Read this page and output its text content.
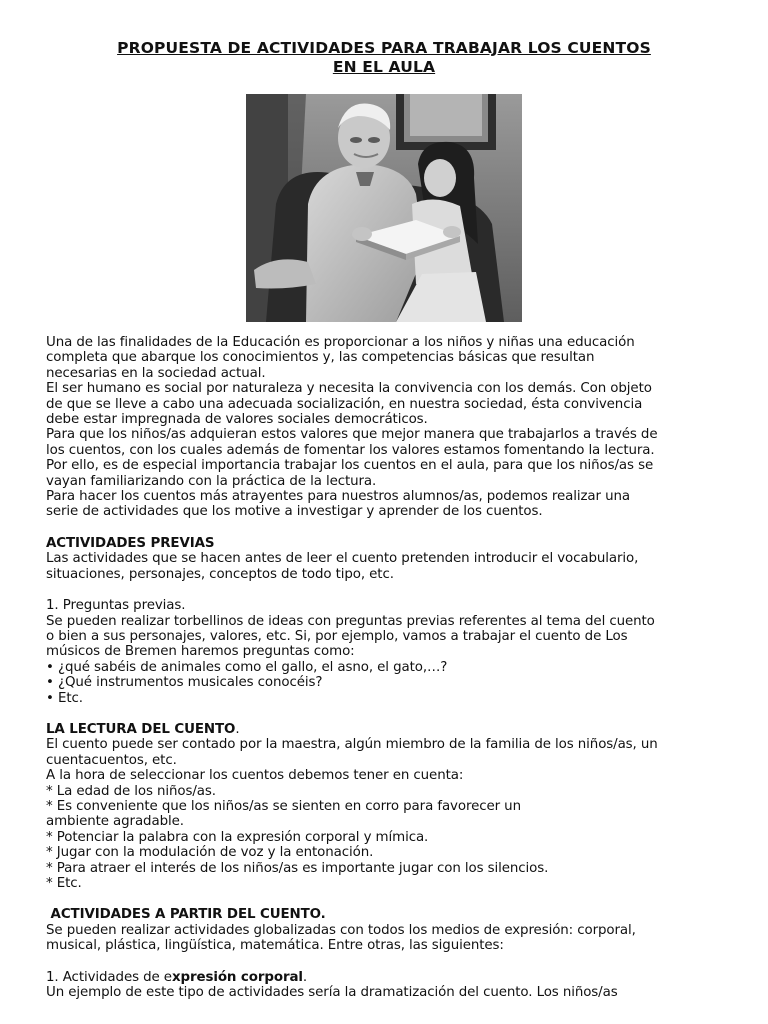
PROPUESTA DE ACTIVIDADES PARA TRABAJAR LOS CUENTOS
EN EL AULA

Una de las finalidades de la Educación es proporcionar a los niños y niñas una educación

completa que abarque los conocimientos y, las competencias básicas que resultan

necesarias en la sociedad actual.

El ser humano es social por naturaleza y necesita la convivencia con los demás. Con objeto

de que se lleve a cabo una adecuada socialización, en nuestra sociedad, ésta convivencia

debe estar impregnada de valores sociales democráticos.

Para que los niños/as adquieran estos valores que mejor manera que trabajarlos a través de

los cuentos, con los cuales además de fomentar los valores estamos fomentando la lectura.

Por ello, es de especial importancia trabajar los cuentos en el aula, para que los niños/as se

vayan familiarizando con la práctica de la lectura.

Para hacer los cuentos más atrayentes para nuestros alumnos/as, podemos realizar una

serie de actividades que los motive a investigar y aprender de los cuentos.

ACTIVIDADES PREVIAS

Las actividades que se hacen antes de leer el cuento pretenden introducir el vocabulario,

situaciones, personajes, conceptos de todo tipo, etc.

1. Preguntas previas.

Se pueden realizar torbellinos de ideas con preguntas previas referentes al tema del cuento

o bien a sus personajes, valores, etc. Si, por ejemplo, vamos a trabajar el cuento de Los

músicos de Bremen haremos preguntas como:

• ¿qué sabéis de animales como el gallo, el asno, el gato,…?

• ¿Qué instrumentos musicales conocéis?

• Etc.

LA LECTURA DEL CUENTO.

El cuento puede ser contado por la maestra, algún miembro de la familia de los niños/as, un

cuentacuentos, etc.

A la hora de seleccionar los cuentos debemos tener en cuenta:

* La edad de los niños/as.

* Es conveniente que los niños/as se sienten en corro para favorecer un

ambiente agradable.

* Potenciar la palabra con la expresión corporal y mímica.

* Jugar con la modulación de voz y la entonación.

* Para atraer el interés de los niños/as es importante jugar con los silencios.

* Etc.

ACTIVIDADES A PARTIR DEL CUENTO.

Se pueden realizar actividades globalizadas con todos los medios de expresión: corporal,

musical, plástica, lingüística, matemática. Entre otras, las siguientes:

1. Actividades de expresión corporal.

Un ejemplo de este tipo de actividades sería la dramatización del cuento. Los niños/as
